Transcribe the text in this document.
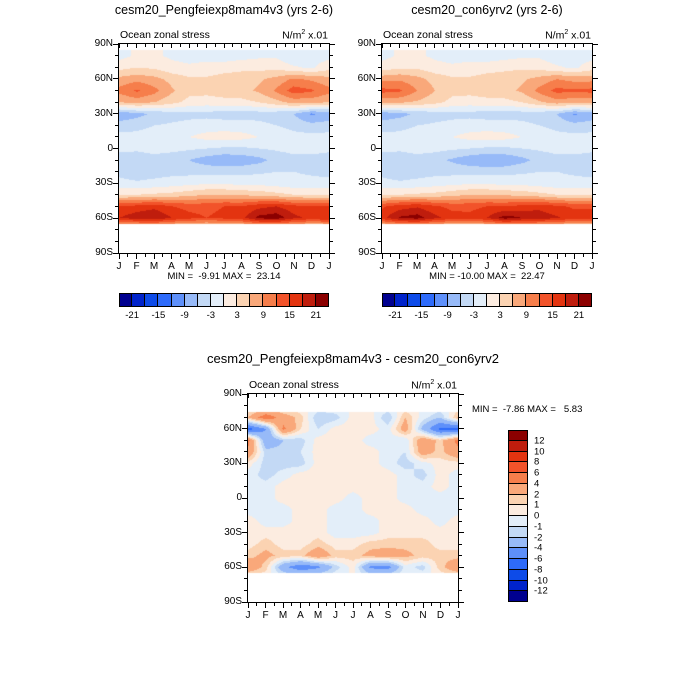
cesm20_Pengfeiexp8mam4v3 (yrs 2-6)
Ocean zonal stress	$N/m^2$ x.01
90N
60N
30N
0
30S
60S
90S
J	F	M A	M	J	J	A	S	O N	D	J
MIN =  -9.91 MAX =  23.14
-21 -15 -9 -3 3 9 15 21
cesm20_con6yrv2 (yrs 2-6)
Ocean zonal stress	$N/m^2$ x.01
90N
60N
30N
0
30S
60S
90S
J	F	M A	M	J	J	A	S	O N	D	J
MIN = -10.00 MAX =  22.47
-21 -15 -9 -3 3 9 15 21
cesm20_Pengfeiexp8mam4v3 - cesm20_con6yrv2
Ocean zonal stress	$N/m^2$ x.01
90N
60N
30N
0
30S
60S
90S
J	F	M A	M	J	J	A	S	O N	D	J
MIN =  -7.86 MAX =   5.83
12
10
8
6
4
2
1
0
-1
-2
-4
-6
-8
-10
-12
